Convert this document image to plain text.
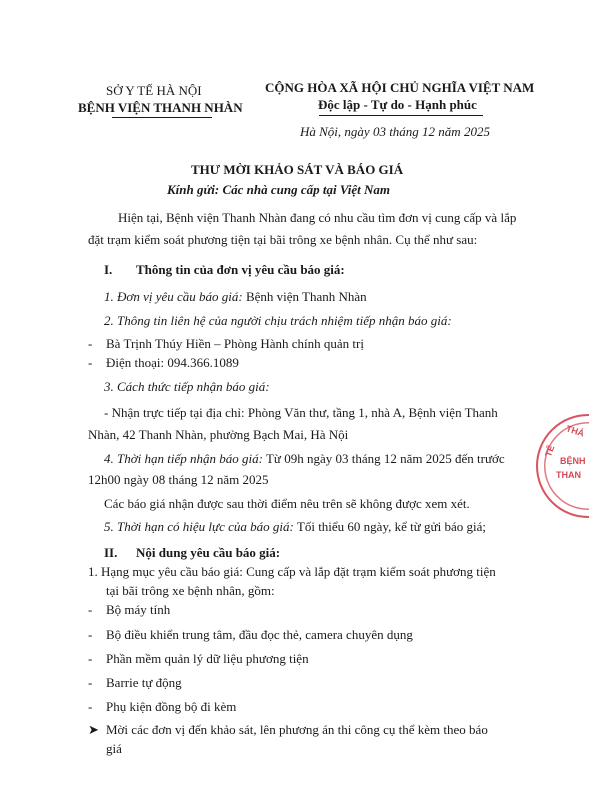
SỞ Y TẾ HÀ NỘI
BỆNH VIỆN THANH NHÀN
CỘNG HÒA XÃ HỘI CHỦ NGHĨA VIỆT NAM
Độc lập - Tự do - Hạnh phúc
Hà Nội, ngày 03 tháng 12 năm 2025
THƯ MỜI KHẢO SÁT VÀ BÁO GIÁ
Kính gửi: Các nhà cung cấp tại Việt Nam
Hiện tại, Bệnh viện Thanh Nhàn đang có nhu cầu tìm đơn vị cung cấp và lắp
đặt trạm kiểm soát phương tiện tại bãi trông xe bệnh nhân. Cụ thể như sau:
I. Thông tin của đơn vị yêu cầu báo giá:
1. Đơn vị yêu cầu báo giá: Bệnh viện Thanh Nhàn
2. Thông tin liên hệ của người chịu trách nhiệm tiếp nhận báo giá:
- Bà Trịnh Thúy Hiền – Phòng Hành chính quản trị
- Điện thoại: 094.366.1089
3. Cách thức tiếp nhận báo giá:
- Nhận trực tiếp tại địa chỉ: Phòng Văn thư, tầng 1, nhà A, Bệnh viện Thanh
Nhàn, 42 Thanh Nhàn, phường Bạch Mai, Hà Nội
4. Thời hạn tiếp nhận báo giá: Từ 09h ngày 03 tháng 12 năm 2025 đến trước
12h00 ngày 08 tháng 12 năm 2025
Các báo giá nhận được sau thời điểm nêu trên sẽ không được xem xét.
5. Thời hạn có hiệu lực của báo giá: Tối thiểu 60 ngày, kể từ gửi báo giá;
II. Nội dung yêu cầu báo giá:
1. Hạng mục yêu cầu báo giá: Cung cấp và lắp đặt trạm kiểm soát phương tiện
tại bãi trông xe bệnh nhân, gồm:
- Bộ máy tính
- Bộ điều khiển trung tâm, đầu đọc thẻ, camera chuyên dụng
- Phần mềm quản lý dữ liệu phương tiện
- Barrie tự động
- Phụ kiện đồng bộ đi kèm
➤ Mời các đơn vị đến khảo sát, lên phương án thi công cụ thể kèm theo báo
giá
THẢ
TẾ
BỆNH
THAN
